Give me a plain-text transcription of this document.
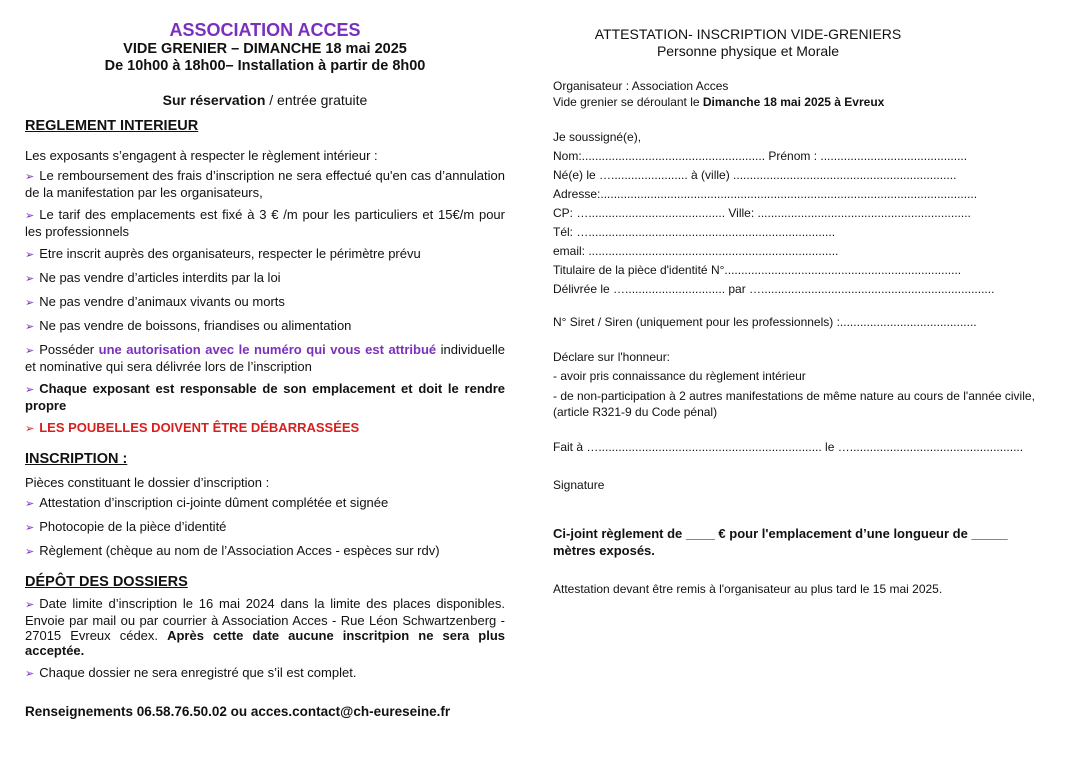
ASSOCIATION ACCES

VIDE GRENIER – DIMANCHE 18 mai 2025

De 10h00 à 18h00– Installation à partir de 8h00

Sur réservation / entrée gratuite

REGLEMENT INTERIEUR

Les exposants s’engagent à respecter le règlement intérieur :
➢ Le remboursement des frais d’inscription ne sera effectué qu'en cas d’annulation de la manifestation par les organisateurs,
➢ Le tarif des emplacements est fixé à 3 € /m pour les particuliers et 15€/m pour les professionnels
➢ Etre inscrit auprès des organisateurs, respecter le périmètre prévu
➢ Ne pas vendre d’articles interdits par la loi
➢ Ne pas vendre d’animaux vivants ou morts
➢ Ne pas vendre de boissons, friandises ou alimentation
➢ Posséder une autorisation avec le numéro qui vous est attribué individuelle et nominative qui sera délivrée lors de l’inscription
➢ Chaque exposant est responsable de son emplacement et doit le rendre propre
➢ LES POUBELLES DOIVENT ÊTRE DÉBARRASSÉES

INSCRIPTION :

Pièces constituant le dossier d’inscription :
➢ Attestation d’inscription ci-jointe dûment complétée et signée
➢ Photocopie de la pièce d’identité
➢ Règlement (chèque au nom de l’Association Acces - espèces sur rdv)

DÉPÔT DES DOSSIERS

➢ Date limite d’inscription le 16 mai 2024 dans la limite des places disponibles. Envoie par mail ou par courrier à Association Acces - Rue Léon Schwartzenberg - 27015 Evreux cédex. Après cette date aucune inscritpion ne sera plus acceptée.
➢ Chaque dossier ne sera enregistré que s’il est complet.
Renseignements 06.58.76.50.02 ou acces.contact@ch-eureseine.fr

ATTESTATION- INSCRIPTION VIDE-GRENIERS

Personne physique et Morale

Organisateur : Association Acces
Vide grenier se déroulant le Dimanche 18 mai 2025 à Evreux
Je soussigné(e),
Nom:....................................................... Prénom : ............................................
Né(e) le …....................... à (ville) ...................................................................
Adresse:.................................................................................................................
CP: …......................................... Ville: ................................................................
Tél: …..........................................................................
email: ...........................................................................
Titulaire de la pièce d'identité N°.......................................................................
Délivrée le ….............................. par …......................................................................
N° Siret / Siren (uniquement pour les professionnels) :.........................................
Déclare sur l'honneur:
- avoir pris connaissance du règlement intérieur
- de non-participation à 2 autres manifestations de même nature au cours de l'année civile, (article R321-9 du Code pénal)
Fait à …................................................................... le …....................................................
Signature
Ci-joint règlement de ____ € pour l'emplacement d’une longueur de _____ mètres exposés.
Attestation devant être remis à l'organisateur au plus tard le 15 mai 2025.
